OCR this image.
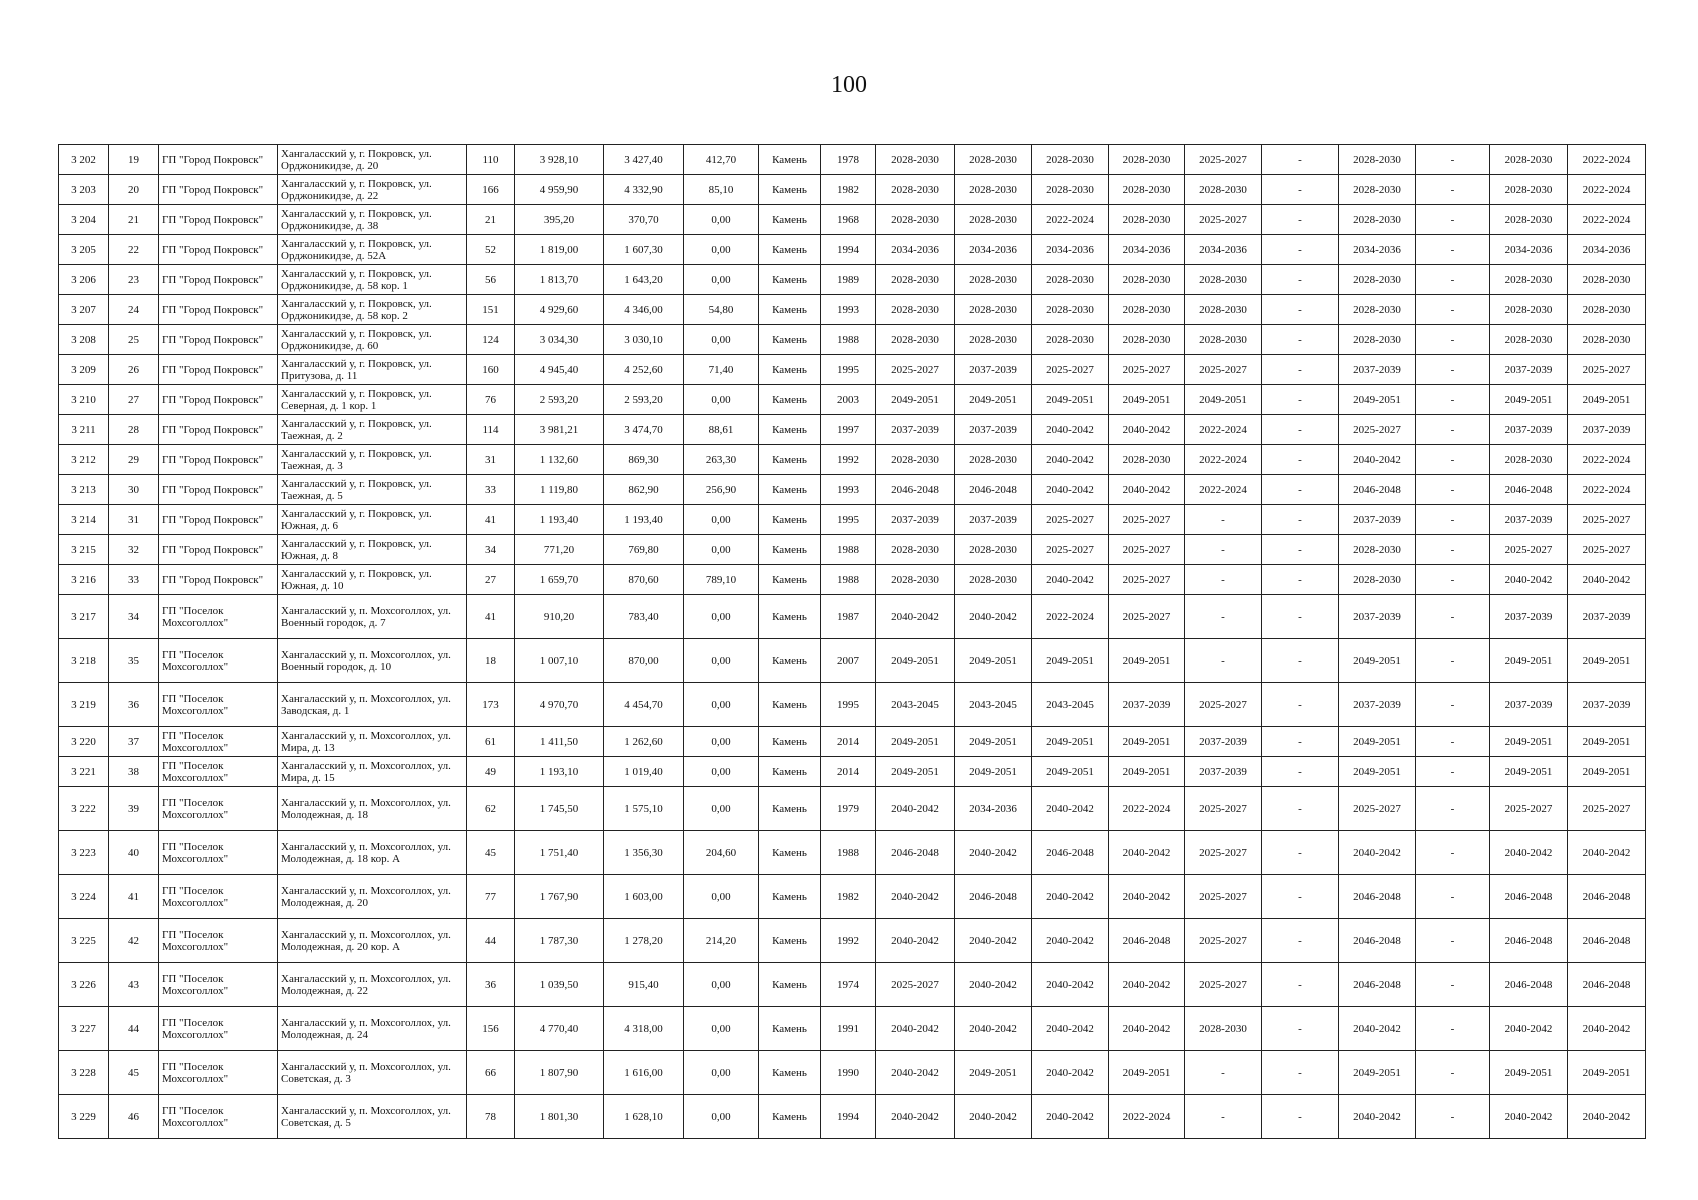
100
3 202	19	ГП "Город Покровск"	Хангаласский у, г. Покровск, ул. Орджоникидзе, д. 20	110	3 928,10	3 427,40	412,70	Камень	1978	2028-2030	2028-2030	2028-2030	2028-2030	2025-2027	-	2028-2030	-	2028-2030	2022-2024
3 203	20	ГП "Город Покровск"	Хангаласский у, г. Покровск, ул. Орджоникидзе, д. 22	166	4 959,90	4 332,90	85,10	Камень	1982	2028-2030	2028-2030	2028-2030	2028-2030	2028-2030	-	2028-2030	-	2028-2030	2022-2024
3 204	21	ГП "Город Покровск"	Хангаласский у, г. Покровск, ул. Орджоникидзе, д. 38	21	395,20	370,70	0,00	Камень	1968	2028-2030	2028-2030	2022-2024	2028-2030	2025-2027	-	2028-2030	-	2028-2030	2022-2024
3 205	22	ГП "Город Покровск"	Хангаласский у, г. Покровск, ул. Орджоникидзе, д. 52А	52	1 819,00	1 607,30	0,00	Камень	1994	2034-2036	2034-2036	2034-2036	2034-2036	2034-2036	-	2034-2036	-	2034-2036	2034-2036
3 206	23	ГП "Город Покровск"	Хангаласский у, г. Покровск, ул. Орджоникидзе, д. 58 кор. 1	56	1 813,70	1 643,20	0,00	Камень	1989	2028-2030	2028-2030	2028-2030	2028-2030	2028-2030	-	2028-2030	-	2028-2030	2028-2030
3 207	24	ГП "Город Покровск"	Хангаласский у, г. Покровск, ул. Орджоникидзе, д. 58 кор. 2	151	4 929,60	4 346,00	54,80	Камень	1993	2028-2030	2028-2030	2028-2030	2028-2030	2028-2030	-	2028-2030	-	2028-2030	2028-2030
3 208	25	ГП "Город Покровск"	Хангаласский у, г. Покровск, ул. Орджоникидзе, д. 60	124	3 034,30	3 030,10	0,00	Камень	1988	2028-2030	2028-2030	2028-2030	2028-2030	2028-2030	-	2028-2030	-	2028-2030	2028-2030
3 209	26	ГП "Город Покровск"	Хангаласский у, г. Покровск, ул. Притузова, д. 11	160	4 945,40	4 252,60	71,40	Камень	1995	2025-2027	2037-2039	2025-2027	2025-2027	2025-2027	-	2037-2039	-	2037-2039	2025-2027
3 210	27	ГП "Город Покровск"	Хангаласский у, г. Покровск, ул. Северная, д. 1 кор. 1	76	2 593,20	2 593,20	0,00	Камень	2003	2049-2051	2049-2051	2049-2051	2049-2051	2049-2051	-	2049-2051	-	2049-2051	2049-2051
3 211	28	ГП "Город Покровск"	Хангаласский у, г. Покровск, ул. Таежная, д. 2	114	3 981,21	3 474,70	88,61	Камень	1997	2037-2039	2037-2039	2040-2042	2040-2042	2022-2024	-	2025-2027	-	2037-2039	2037-2039
3 212	29	ГП "Город Покровск"	Хангаласский у, г. Покровск, ул. Таежная, д. 3	31	1 132,60	869,30	263,30	Камень	1992	2028-2030	2028-2030	2040-2042	2028-2030	2022-2024	-	2040-2042	-	2028-2030	2022-2024
3 213	30	ГП "Город Покровск"	Хангаласский у, г. Покровск, ул. Таежная, д. 5	33	1 119,80	862,90	256,90	Камень	1993	2046-2048	2046-2048	2040-2042	2040-2042	2022-2024	-	2046-2048	-	2046-2048	2022-2024
3 214	31	ГП "Город Покровск"	Хангаласский у, г. Покровск, ул. Южная, д. 6	41	1 193,40	1 193,40	0,00	Камень	1995	2037-2039	2037-2039	2025-2027	2025-2027	-	-	2037-2039	-	2037-2039	2025-2027
3 215	32	ГП "Город Покровск"	Хангаласский у, г. Покровск, ул. Южная, д. 8	34	771,20	769,80	0,00	Камень	1988	2028-2030	2028-2030	2025-2027	2025-2027	-	-	2028-2030	-	2025-2027	2025-2027
3 216	33	ГП "Город Покровск"	Хангаласский у, г. Покровск, ул. Южная, д. 10	27	1 659,70	870,60	789,10	Камень	1988	2028-2030	2028-2030	2040-2042	2025-2027	-	-	2028-2030	-	2040-2042	2040-2042
3 217	34	ГП "Поселок Мохсоголлох"	Хангаласский у, п. Мохсоголлох, ул. Военный городок, д. 7	41	910,20	783,40	0,00	Камень	1987	2040-2042	2040-2042	2022-2024	2025-2027	-	-	2037-2039	-	2037-2039	2037-2039
3 218	35	ГП "Поселок Мохсоголлох"	Хангаласский у, п. Мохсоголлох, ул. Военный городок, д. 10	18	1 007,10	870,00	0,00	Камень	2007	2049-2051	2049-2051	2049-2051	2049-2051	-	-	2049-2051	-	2049-2051	2049-2051
3 219	36	ГП "Поселок Мохсоголлох"	Хангаласский у, п. Мохсоголлох, ул. Заводская, д. 1	173	4 970,70	4 454,70	0,00	Камень	1995	2043-2045	2043-2045	2043-2045	2037-2039	2025-2027	-	2037-2039	-	2037-2039	2037-2039
3 220	37	ГП "Поселок Мохсоголлох"	Хангаласский у, п. Мохсоголлох, ул. Мира, д. 13	61	1 411,50	1 262,60	0,00	Камень	2014	2049-2051	2049-2051	2049-2051	2049-2051	2037-2039	-	2049-2051	-	2049-2051	2049-2051
3 221	38	ГП "Поселок Мохсоголлох"	Хангаласский у, п. Мохсоголлох, ул. Мира, д. 15	49	1 193,10	1 019,40	0,00	Камень	2014	2049-2051	2049-2051	2049-2051	2049-2051	2037-2039	-	2049-2051	-	2049-2051	2049-2051
3 222	39	ГП "Поселок Мохсоголлох"	Хангаласский у, п. Мохсоголлох, ул. Молодежная, д. 18	62	1 745,50	1 575,10	0,00	Камень	1979	2040-2042	2034-2036	2040-2042	2022-2024	2025-2027	-	2025-2027	-	2025-2027	2025-2027
3 223	40	ГП "Поселок Мохсоголлох"	Хангаласский у, п. Мохсоголлох, ул. Молодежная, д. 18 кор. А	45	1 751,40	1 356,30	204,60	Камень	1988	2046-2048	2040-2042	2046-2048	2040-2042	2025-2027	-	2040-2042	-	2040-2042	2040-2042
3 224	41	ГП "Поселок Мохсоголлох"	Хангаласский у, п. Мохсоголлох, ул. Молодежная, д. 20	77	1 767,90	1 603,00	0,00	Камень	1982	2040-2042	2046-2048	2040-2042	2040-2042	2025-2027	-	2046-2048	-	2046-2048	2046-2048
3 225	42	ГП "Поселок Мохсоголлох"	Хангаласский у, п. Мохсоголлох, ул. Молодежная, д. 20 кор. А	44	1 787,30	1 278,20	214,20	Камень	1992	2040-2042	2040-2042	2040-2042	2046-2048	2025-2027	-	2046-2048	-	2046-2048	2046-2048
3 226	43	ГП "Поселок Мохсоголлох"	Хангаласский у, п. Мохсоголлох, ул. Молодежная, д. 22	36	1 039,50	915,40	0,00	Камень	1974	2025-2027	2040-2042	2040-2042	2040-2042	2025-2027	-	2046-2048	-	2046-2048	2046-2048
3 227	44	ГП "Поселок Мохсоголлох"	Хангаласский у, п. Мохсоголлох, ул. Молодежная, д. 24	156	4 770,40	4 318,00	0,00	Камень	1991	2040-2042	2040-2042	2040-2042	2040-2042	2028-2030	-	2040-2042	-	2040-2042	2040-2042
3 228	45	ГП "Поселок Мохсоголлох"	Хангаласский у, п. Мохсоголлох, ул. Советская, д. 3	66	1 807,90	1 616,00	0,00	Камень	1990	2040-2042	2049-2051	2040-2042	2049-2051	-	-	2049-2051	-	2049-2051	2049-2051
3 229	46	ГП "Поселок Мохсоголлох"	Хангаласский у, п. Мохсоголлох, ул. Советская, д. 5	78	1 801,30	1 628,10	0,00	Камень	1994	2040-2042	2040-2042	2040-2042	2022-2024	-	-	2040-2042	-	2040-2042	2040-2042
